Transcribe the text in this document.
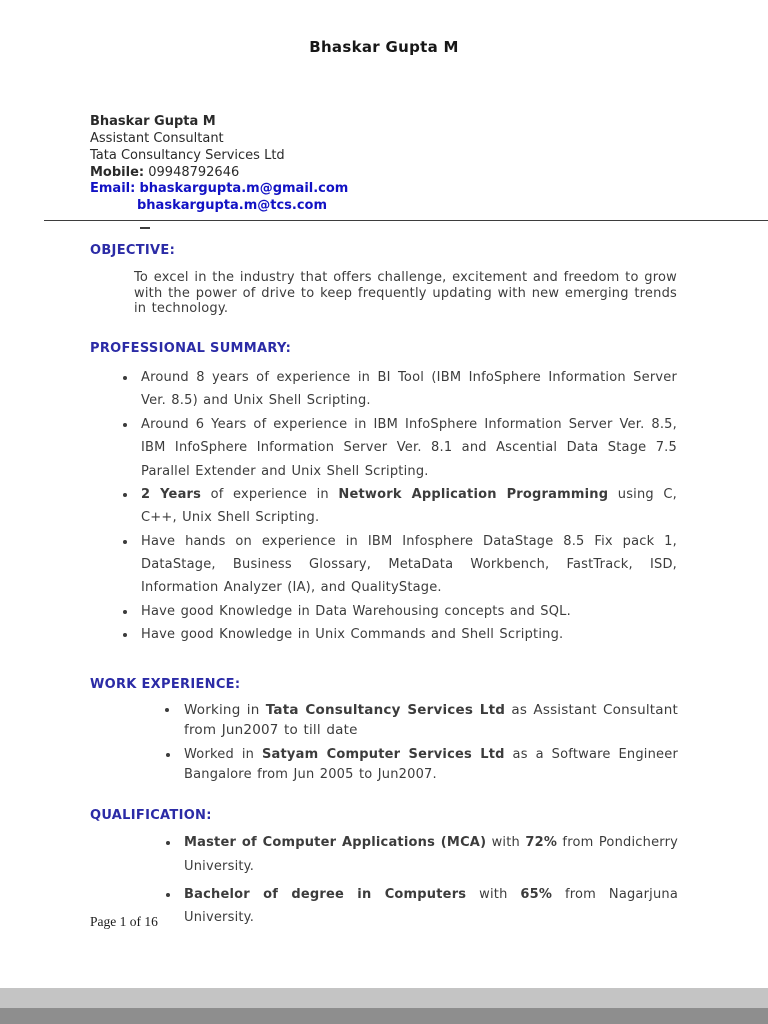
Bhaskar Gupta M
Bhaskar Gupta M
Assistant Consultant
Tata Consultancy Services Ltd
Mobile: 09948792646
Email: bhaskargupta.m@gmail.com
bhaskargupta.m@tcs.com
OBJECTIVE:

To excel in the industry that offers challenge, excitement and freedom to grow with the power of drive to keep frequently updating with new emerging trends in technology.

PROFESSIONAL SUMMARY:
• Around 8 years of experience in BI Tool (IBM InfoSphere Information Server Ver. 8.5) and Unix Shell Scripting.
• Around 6 Years of experience in IBM InfoSphere Information Server Ver. 8.5, IBM InfoSphere Information Server Ver. 8.1 and Ascential Data Stage 7.5 Parallel Extender and Unix Shell Scripting.
• 2 Years of experience in Network Application Programming using C, C++, Unix Shell Scripting.
• Have hands on experience in IBM Infosphere DataStage 8.5 Fix pack 1, DataStage, Business Glossary, MetaData Workbench, FastTrack, ISD, Information Analyzer (IA), and QualityStage.
• Have good Knowledge in Data Warehousing concepts and SQL.
• Have good Knowledge in Unix Commands and Shell Scripting.
WORK EXPERIENCE:
• Working in Tata Consultancy Services Ltd as Assistant Consultant from Jun2007 to till date
• Worked in Satyam Computer Services Ltd as a Software Engineer Bangalore from Jun 2005 to Jun2007.
QUALIFICATION:
• Master of Computer Applications (MCA) with 72% from Pondicherry University.
• Bachelor of degree in Computers with 65% from Nagarjuna University.
Page 1 of 16
